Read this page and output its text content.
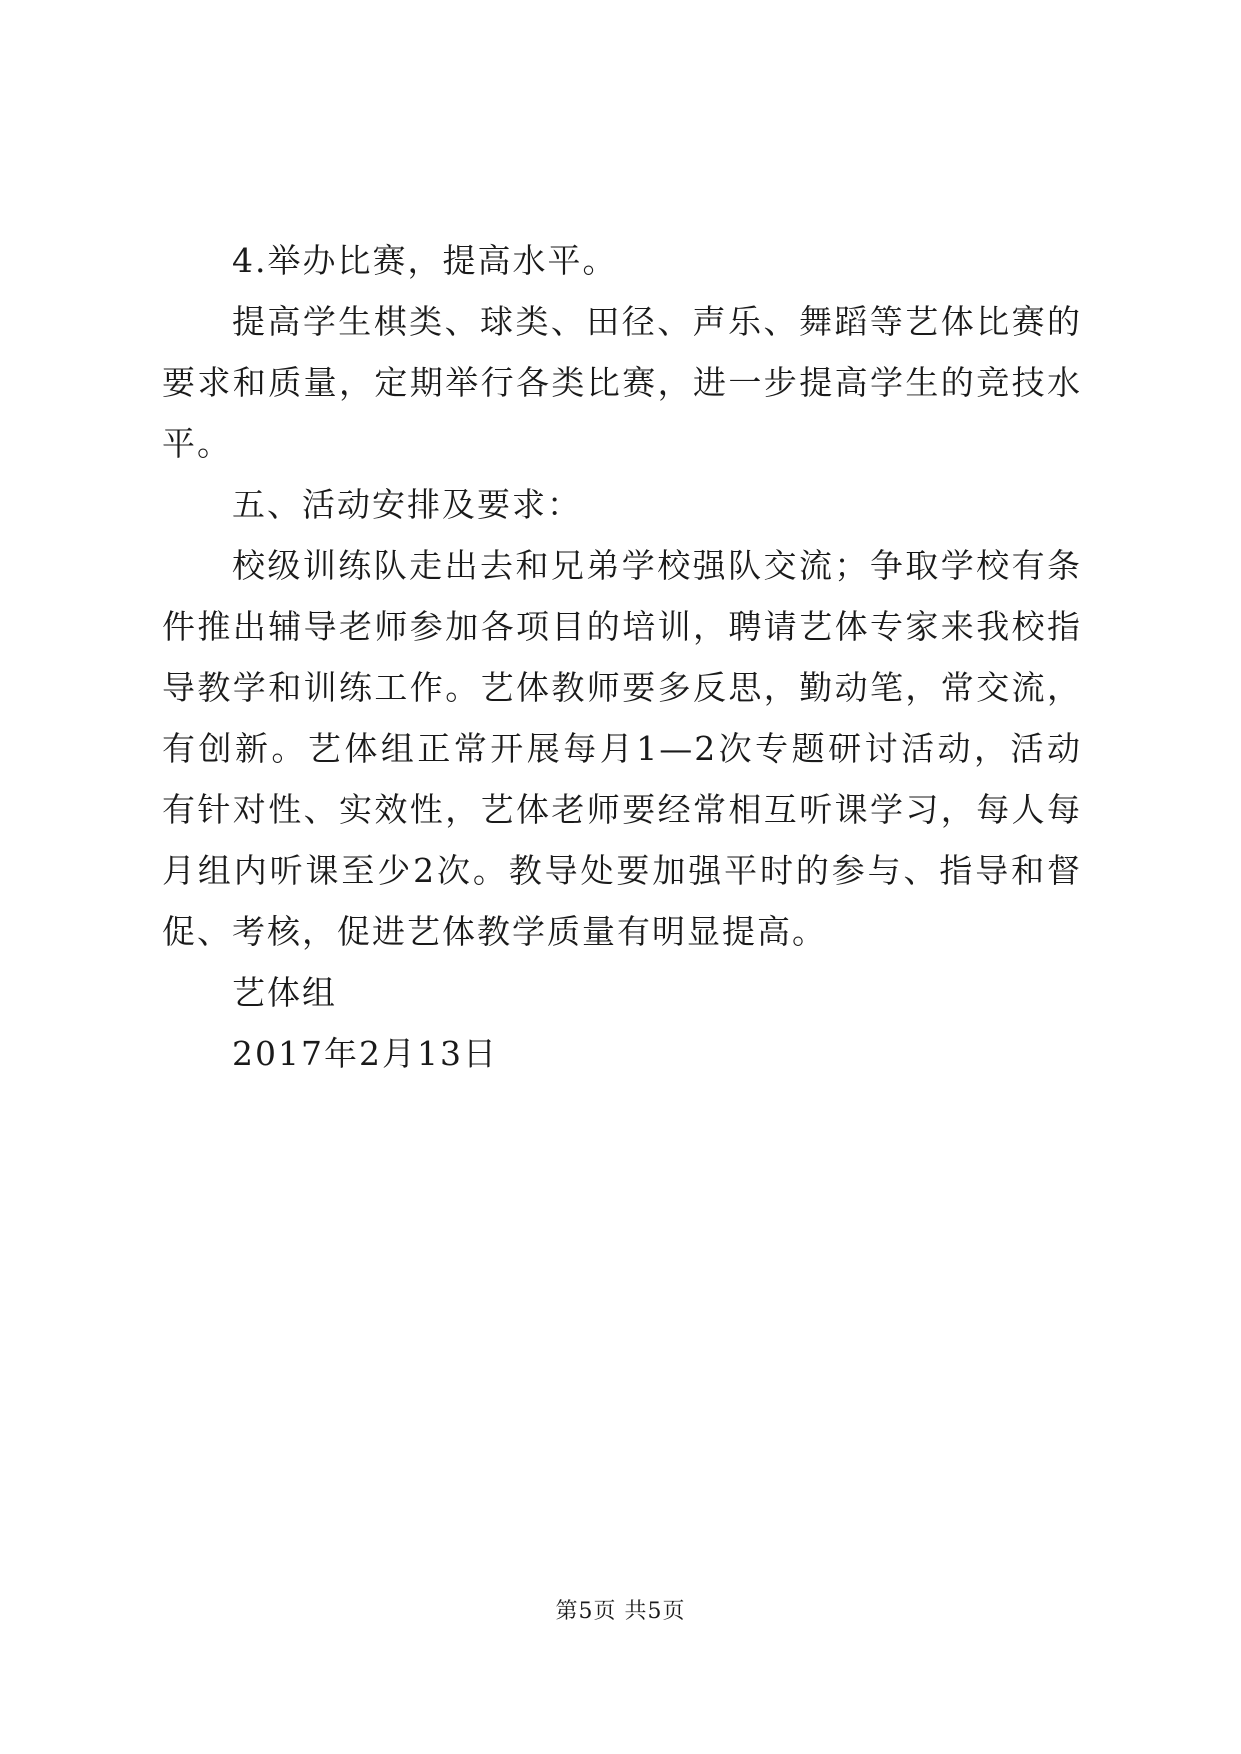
4.举办比赛，提高水平。

提高学生棋类、球类、田径、声乐、舞蹈等艺体比赛的要求和质量，定期举行各类比赛，进一步提高学生的竞技水平。

五、活动安排及要求：

校级训练队走出去和兄弟学校强队交流；争取学校有条件推出辅导老师参加各项目的培训，聘请艺体专家来我校指导教学和训练工作。艺体教师要多反思，勤动笔，常交流，有创新。艺体组正常开展每月1—2次专题研讨活动，活动有针对性、实效性，艺体老师要经常相互听课学习，每人每月组内听课至少2次。教导处要加强平时的参与、指导和督促、考核，促进艺体教学质量有明显提高。

艺体组

2017年2月13日

第5页 共5页
